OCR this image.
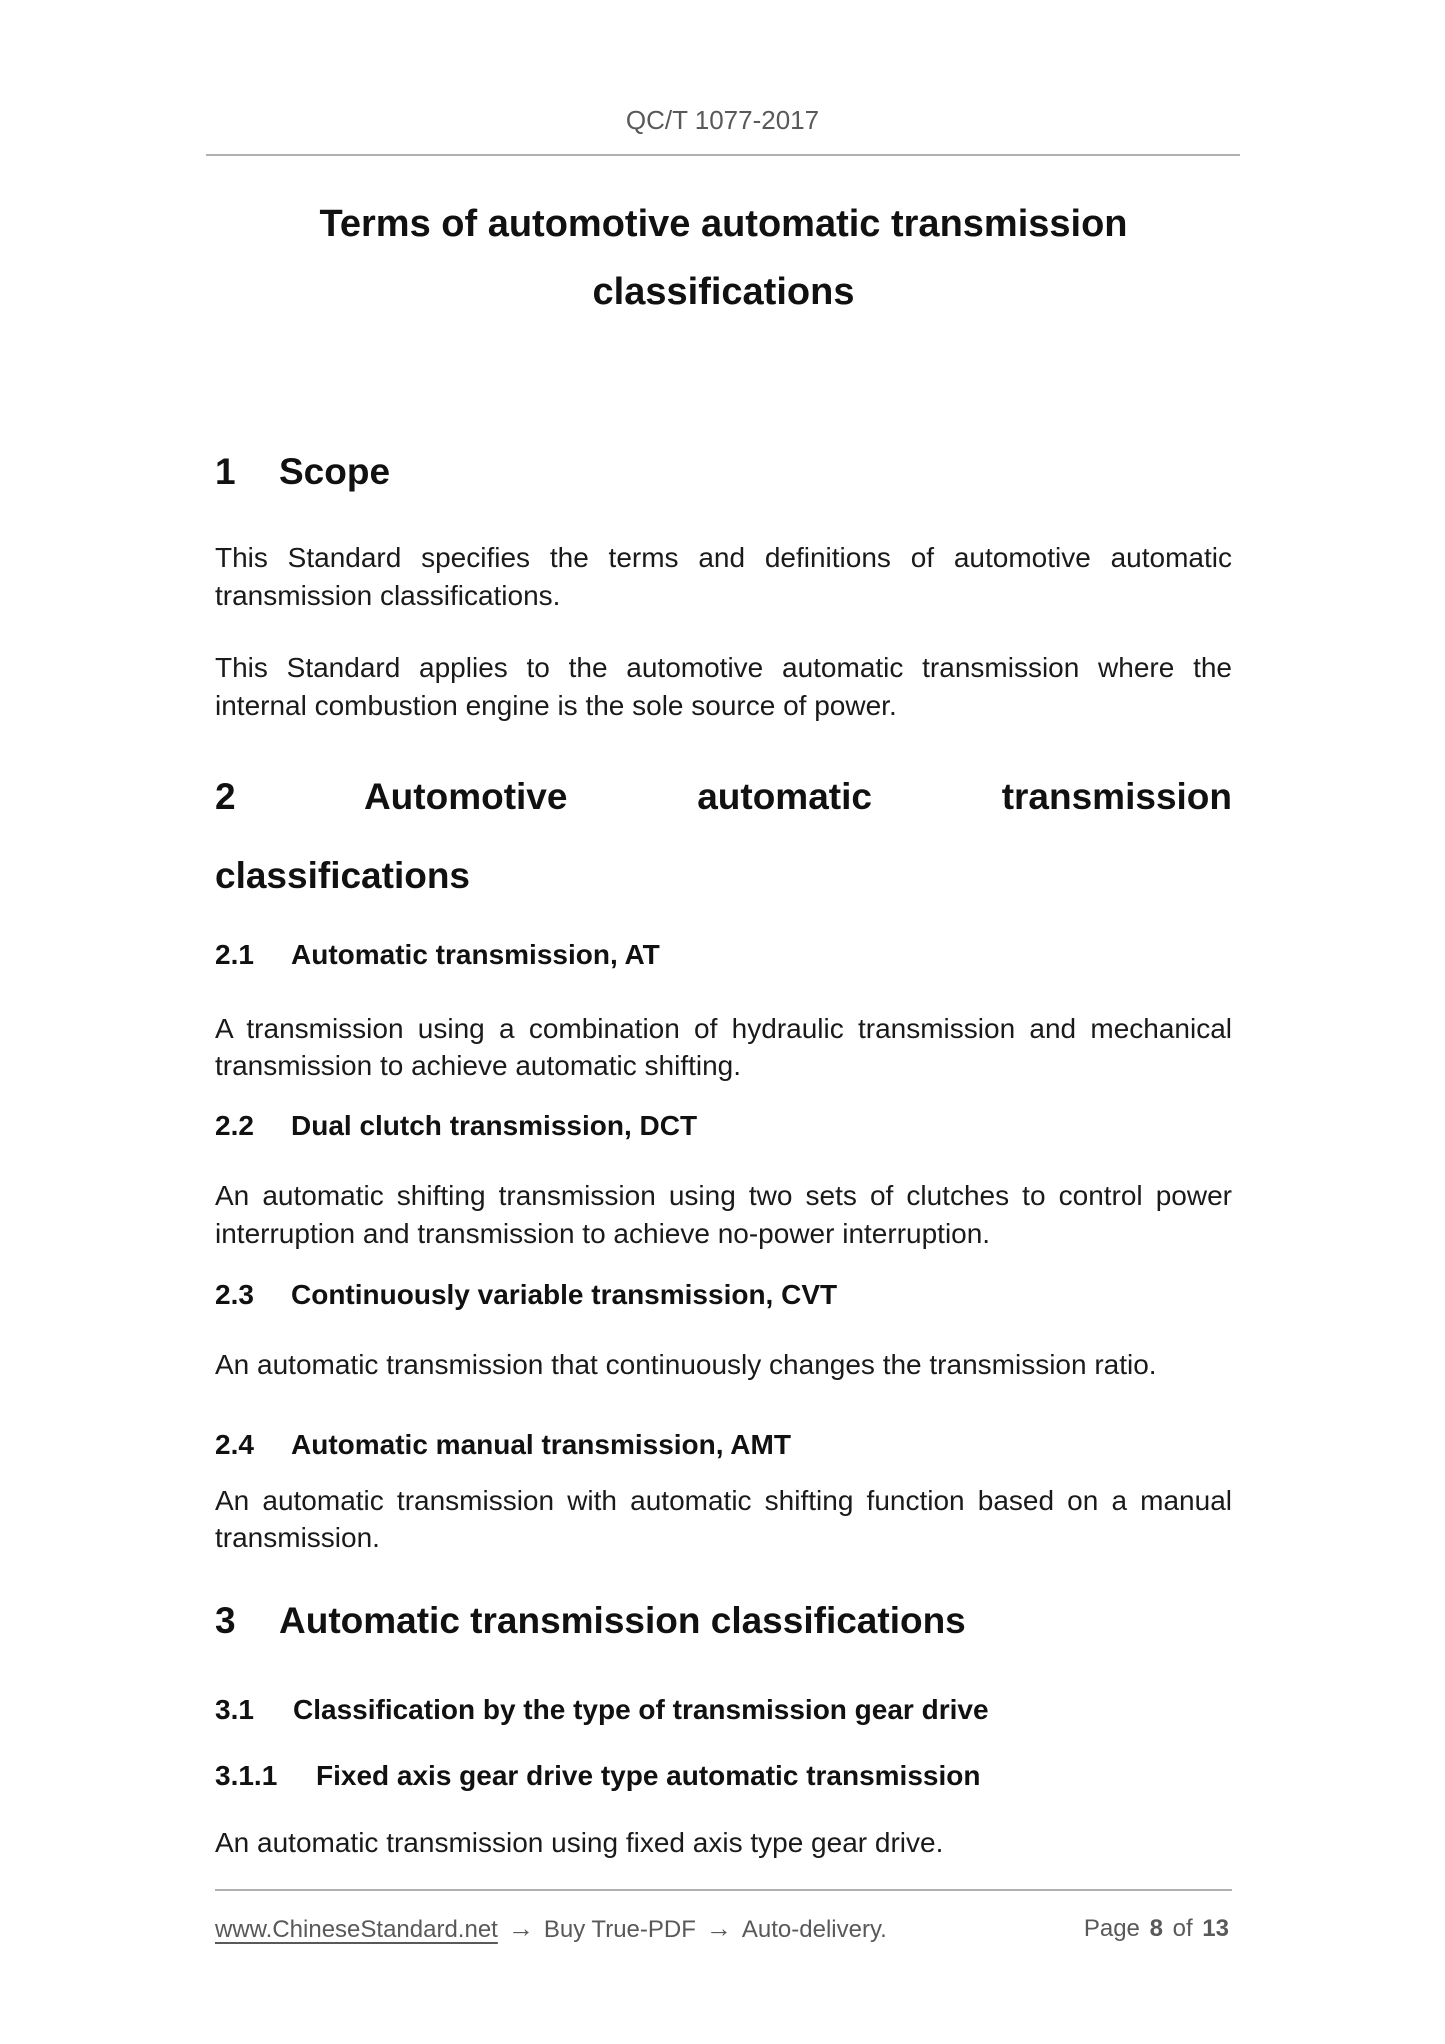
QC/T 1077-2017
Terms of automotive automatic transmission
classifications
1 Scope
This Standard specifies the terms and definitions of automotive automatic
transmission classifications.
This Standard applies to the automotive automatic transmission where the
internal combustion engine is the sole source of power.
2 Automotive automatic transmission
classifications
2.1 Automatic transmission, AT
A transmission using a combination of hydraulic transmission and mechanical
transmission to achieve automatic shifting.
2.2 Dual clutch transmission, DCT
An automatic shifting transmission using two sets of clutches to control power
interruption and transmission to achieve no-power interruption.
2.3 Continuously variable transmission, CVT
An automatic transmission that continuously changes the transmission ratio.
2.4 Automatic manual transmission, AMT
An automatic transmission with automatic shifting function based on a manual
transmission.
3 Automatic transmission classifications
3.1 Classification by the type of transmission gear drive
3.1.1 Fixed axis gear drive type automatic transmission
An automatic transmission using fixed axis type gear drive.
www.ChineseStandard.net → Buy True-PDF → Auto-delivery.	Page 8 of 13
